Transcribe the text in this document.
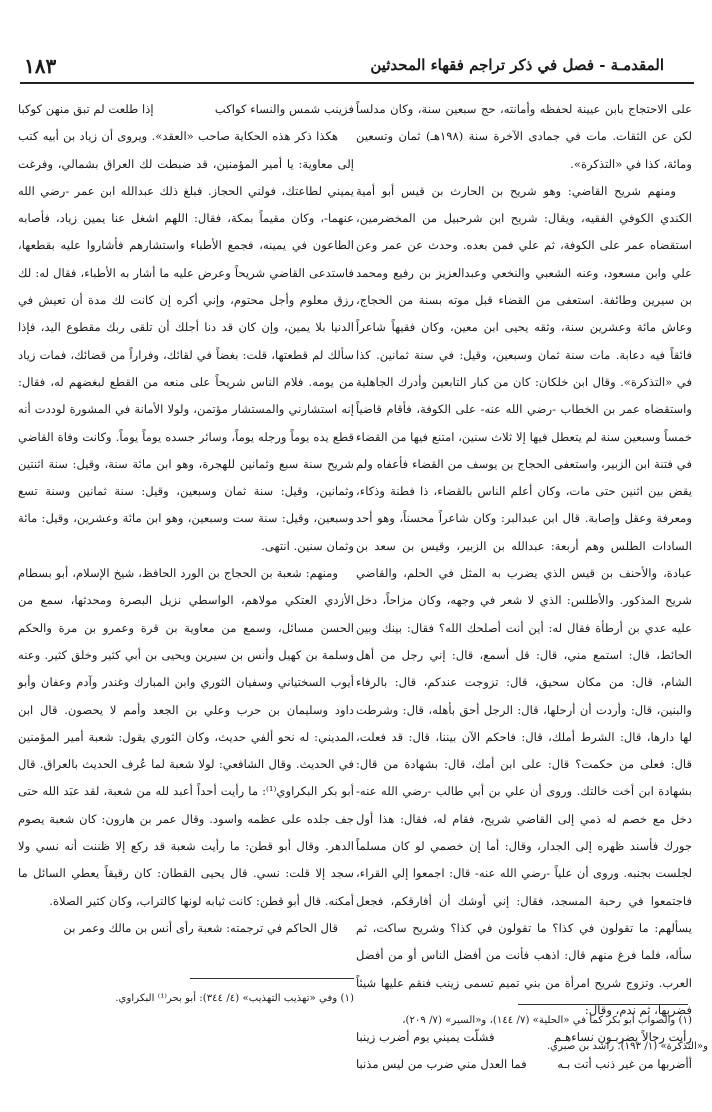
١٨٣	المقدمـة - فصل في ذكر تراجم فقهاء المحدثين

على الاحتجاج بابن عيينة لحفظه وأمانته، حج سبعين سنة، وكان مدلساً لكن عن الثقات. مات في جمادى الآخرة سنة (١٩٨هـ) ثمان وتسعين ومائة، كذا في «التذكرة».

ومنهم شريح القاضي: وهو شريح بن الحارث بن قيس أبو أمية الكندي الكوفي الفقيه، ويقال: شريح ابن شرحبيل من المخضرمين، استقضاه عمر على الكوفة، ثم علي فمن بعده. وحدث عن عمر وعن علي وابن مسعود، وعنه الشعبي والنخعي وعبدالعزيز بن رفيع ومحمد بن سيرين وطائفة. استعفى من القضاء قبل موته بسنة من الحجاج، وعاش مائة وعشرين سنة، وثقه يحيى ابن معين، وكان فقيهاً شاعراً فائقاً فيه دعابة. مات سنة ثمان وسبعين، وقيل: في سنة ثمانين. كذا في «التذكرة». وقال ابن خلكان: كان من كبار التابعين وأدرك الجاهلية واستقضاه عمر بن الخطاب -رضي الله عنه- على الكوفة، فأقام قاضياً خمساً وسبعين سنة لم يتعطل فيها إلا ثلاث سنين، امتنع فيها من القضاء في فتنة ابن الزبير، واستعفى الحجاج بن يوسف من القضاء فأعفاه ولم يقض بين اثنين حتى مات، وكان أعلم الناس بالقضاء، ذا فطنة وذكاء، ومعرفة وعقل وإصابة. قال ابن عبدالبر: وكان شاعراً محسناً، وهو أحد السادات الطلس وهم أربعة: عبدالله بن الزبير، وقيس بن سعد بن عبادة، والأحنف بن قيس الذي يضرب به المثل في الحلم، والقاضي شريح المذكور. والأطلس: الذي لا شعر في وجهه، وكان مزاحاً، دخل عليه عدي بن أرطأة فقال له: أين أنت أصلحك الله؟ فقال: بينك وبين الحائط، قال: استمع مني، قال: قل أسمع، قال: إني رجل من أهل الشام، قال: من مكان سحيق، قال: تزوجت عندكم، قال: بالرفاء والبنين، قال: وأردت أن أرحلها، قال: الرجل أحق بأهله، قال: وشرطت لها دارها، قال: الشرط أملك، قال: فاحكم الآن بيننا، قال: قد فعلت، قال: فعلى من حكمت؟ قال: على ابن أمك، قال: بشهادة من قال: بشهادة ابن أخت خالتك. وروى أن علي بن أبي طالب -رضي الله عنه- دخل مع خصم له ذمي إلى القاضي شريح، فقام له، فقال: هذا أول جورك فأسند ظهره إلى الجدار، وقال: أما إن خصمي لو كان مسلماً لجلست بجنبه. وروى أن علياً -رضي الله عنه- قال: اجمعوا إلي القراء، فاجتمعوا في رحبة المسجد، فقال: إني أوشك أن أفارقكم، فجعل يسألهم: ما تقولون في كذا؟ ما تقولون في كذا؟ وشريح ساكت، ثم سأله، فلما فرغ منهم قال: اذهب فأنت من أفضل الناس أو من أفضل العرب. وتزوج شريح امرأة من بني تميم تسمى زينب فنقم عليها شيئاً فضربها، ثم ندم، وقال:

رأيت رجالاً يضربـون نساءهـم
فشلّت يميني يوم أضرب زينبا
أأضربها من غير ذنب أتت بـه
فما العدل مني ضرب من ليس مذنبا
فزينب شمس والنساء كواكب
إذا طلعت لم تبق منهن كوكبا

هكذا ذكر هذه الحكاية صاحب «العقد». ويروى أن زياد بن أبيه كتب إلى معاوية: يا أمير المؤمنين، قد ضبطت لك العراق بشمالي، وفرغت يميني لطاعتك، فولني الحجاز. فبلغ ذلك عبدالله ابن عمر -رضي الله عنهما-، وكان مقيماً بمكة، فقال: اللهم اشغل عنا يمين زياد، فأصابه الطاعون في يمينه، فجمع الأطباء واستشارهم فأشاروا عليه بقطعها، فاستدعى القاضي شريحاً وعرض عليه ما أشار به الأطباء، فقال له: لك رزق معلوم وأجل محتوم، وإني أكره إن كانت لك مدة أن تعيش في الدنيا بلا يمين، وإن كان قد دنا أجلك أن تلقى ربك مقطوع اليد، فإذا سألك لم قطعتها، قلت: بغضاً في لقائك، وفراراً من قضائك، فمات زياد من يومه. فلام الناس شريحاً على منعه من القطع لبغضهم له، فقال: إنه استشارني والمستشار مؤتمن، ولولا الأمانة في المشورة لوددت أنه قطع يده يوماً ورجله يوماً، وسائر جسده يوماً يوماً. وكانت وفاة القاضي شريح سنة سبع وثمانين للهجرة، وهو ابن مائة سنة، وقيل: سنة اثنتين وثمانين، وقيل: سنة ثمان وسبعين، وقيل: سنة ثمانين وسنة تسع وسبعين، وقيل: سنة ست وسبعين، وهو ابن مائة وعشرين، وقيل: مائة وثمان سنين. انتهى.

ومنهم: شعبة بن الحجاج بن الورد الحافظ، شيخ الإسلام، أبو بسطام الأزدي العتكي مولاهم، الواسطي نزيل البصرة ومحدثها، سمع من الحسن مسائل، وسمع من معاوية بن قرة وعمرو بن مرة والحكم وسلمة بن كهيل وأنس بن سيرين ويحيى بن أبي كثير وخلق كثير. وعنه أيوب السختياني وسفيان الثوري وابن المبارك وغندر وآدم وعفان وأبو داود وسليمان بن حرب وعلي بن الجعد وأمم لا يحصون. قال ابن المديني: له نحو ألفي حديث، وكان الثوري يقول: شعبة أمير المؤمنين في الحديث. وقال الشافعي: لولا شعبة لما عُرف الحديث بالعراق. قال أبو بكر البكراوي⁽¹⁾: ما رأيت أحداً أعبد لله من شعبة، لقد عبَد الله حتى جف جلده على عظمه واسود. وقال عمر بن هارون: كان شعبة يصوم الدهر. وقال أبو قطن: ما رأيت شعبة قد ركع إلا ظننت أنه نسي ولا سجد إلا قلت: نسي. قال يحيى القطان: كان رقيقاً يعطي السائل ما أمكنه. قال أبو قطن: كانت ثيابه لونها كالتراب، وكان كثير الصلاة.

قال الحاكم في ترجمته: شعبة رأى أنس بن مالك وعمر بن

(١) وفي «تهذيب التهذيب» (٤/ ٣٤٤): أبو بحر⁽¹⁾ البكراوي.
(١) والصواب أبو بكر كما في «الحلية» (٧/ ١٤٤)، و«السير» (٧/ ٢٠٩)،
و«التذكرة» (١/ ١٩٣). راشد بن صبري.
